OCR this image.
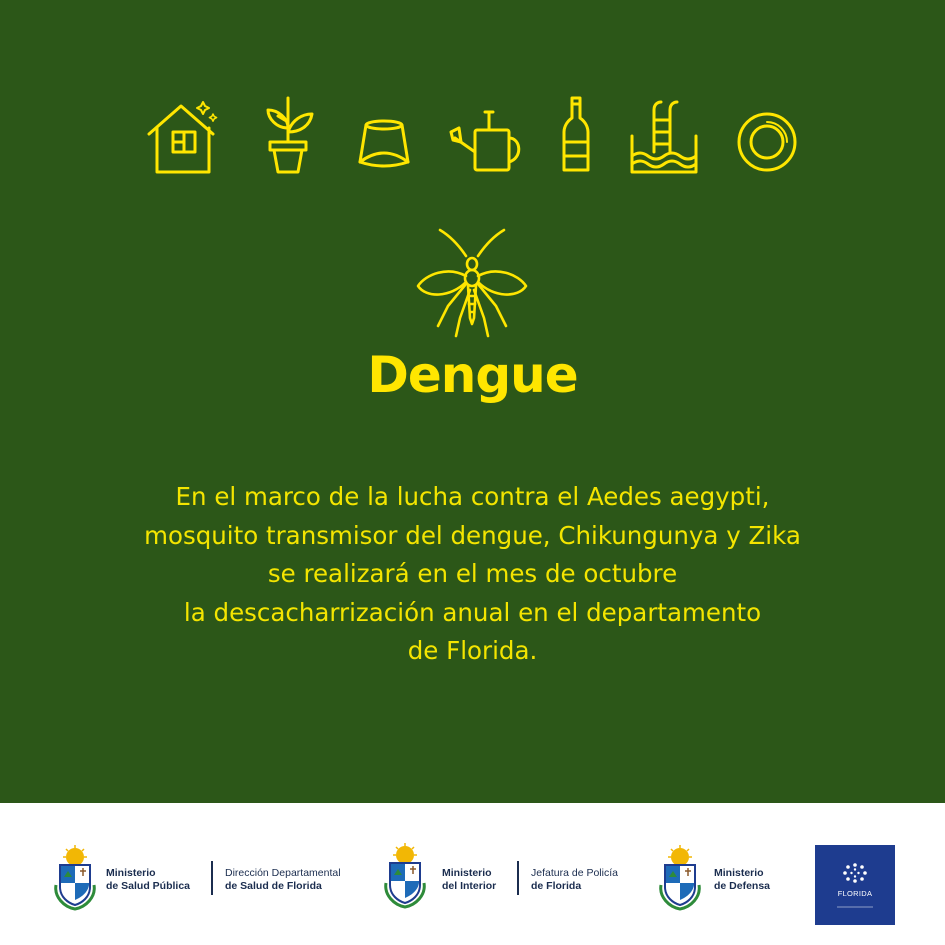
Dengue
En el marco de la lucha contra el Aedes aegypti,
mosquito transmisor del dengue, Chikungunya y Zika
se realizará en el mes de octubre
la descacharrización anual en el departamento
de Florida.
Ministerio
de Salud Pública
Dirección Departamental
de Salud de Florida
Ministerio
del Interior
Jefatura de Policía
de Florida
Ministerio
de Defensa
FLORIDA
